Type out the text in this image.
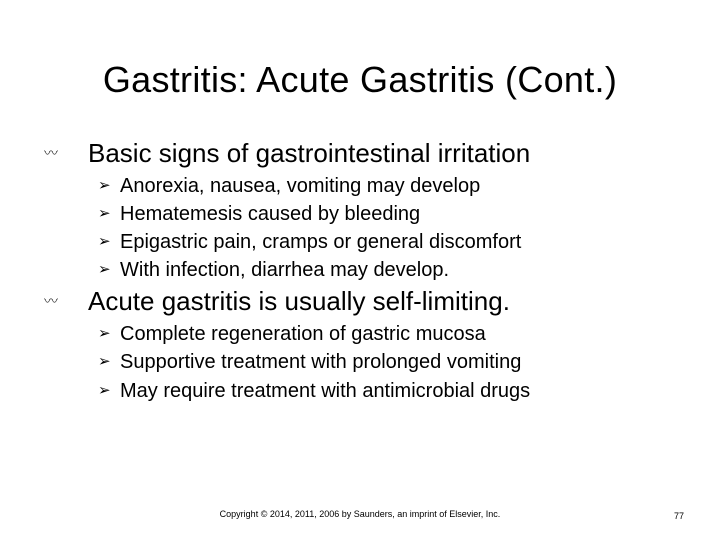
Gastritis: Acute Gastritis (Cont.)
〰 Basic signs of gastrointestinal irritation
➢ Anorexia, nausea, vomiting may develop
➢ Hematemesis caused by bleeding
➢ Epigastric pain, cramps or general discomfort
➢ With infection, diarrhea may develop.
〰 Acute gastritis is usually self-limiting.
➢ Complete regeneration of gastric mucosa
➢ Supportive treatment with prolonged vomiting
➢ May require treatment with antimicrobial drugs
Copyright © 2014, 2011, 2006 by Saunders, an imprint of Elsevier, Inc.	77
